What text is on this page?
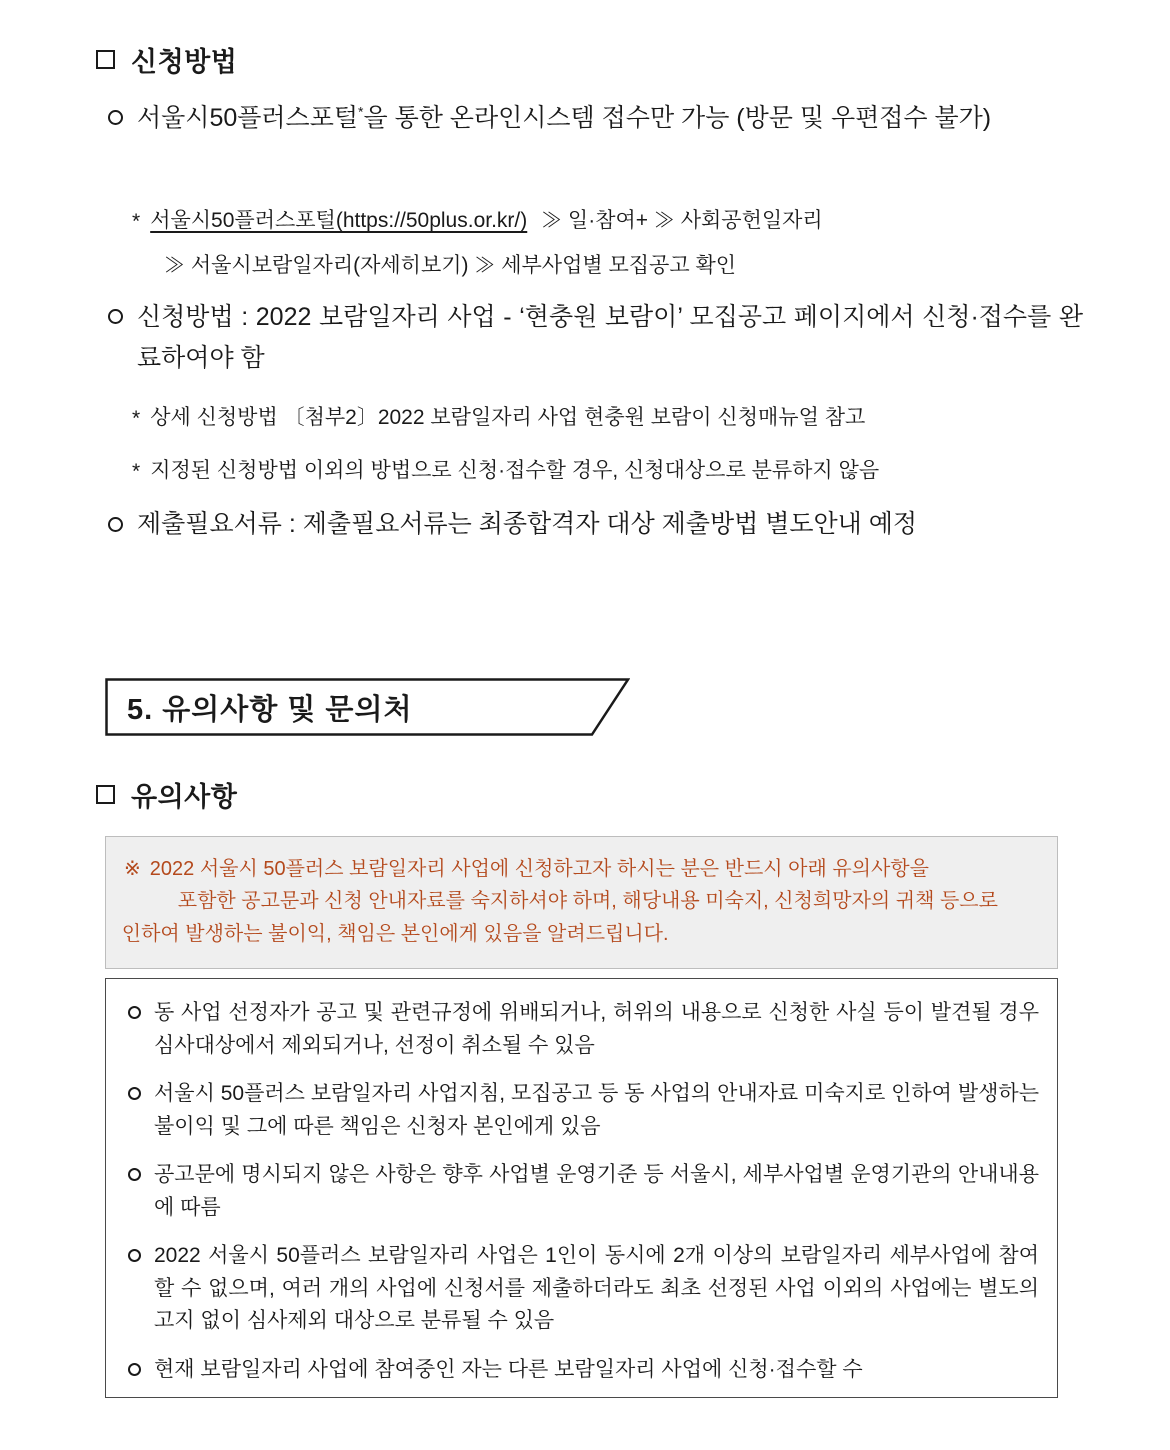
신청방법
서울시50플러스포털*을 통한 온라인시스템 접수만 가능 (방문 및 우편접수 불가)
* 서울시50플러스포털(https://50plus.or.kr/) ≫ 일·참여+ ≫ 사회공헌일자리
≫ 서울시보람일자리(자세히보기) ≫ 세부사업별 모집공고 확인
신청방법 : 2022 보람일자리 사업 - ‘현충원 보람이’ 모집공고 페이지에서 신청·접수를 완료하여야 함
* 상세 신청방법 〔첨부2〕2022 보람일자리 사업 현충원 보람이 신청매뉴얼 참고
* 지정된 신청방법 이외의 방법으로 신청·접수할 경우, 신청대상으로 분류하지 않음
제출필요서류 : 제출필요서류는 최종합격자 대상 제출방법 별도안내 예정
5. 유의사항 및 문의처
유의사항
※ 2022 서울시 50플러스 보람일자리 사업에 신청하고자 하시는 분은 반드시 아래 유의사항을
포함한 공고문과 신청 안내자료를 숙지하셔야 하며, 해당내용 미숙지, 신청희망자의 귀책 등으로
인하여 발생하는 불이익, 책임은 본인에게 있음을 알려드립니다.

동 사업 선정자가 공고 및 관련규정에 위배되거나, 허위의 내용으로 신청한 사실 등이 발견될 경우 심사대상에서 제외되거나, 선정이 취소될 수 있음

서울시 50플러스 보람일자리 사업지침, 모집공고 등 동 사업의 안내자료 미숙지로 인하여 발생하는 불이익 및 그에 따른 책임은 신청자 본인에게 있음

공고문에 명시되지 않은 사항은 향후 사업별 운영기준 등 서울시, 세부사업별 운영기관의 안내내용에 따름

2022 서울시 50플러스 보람일자리 사업은 1인이 동시에 2개 이상의 보람일자리 세부사업에 참여할 수 없으며, 여러 개의 사업에 신청서를 제출하더라도 최초 선정된 사업 이외의 사업에는 별도의 고지 없이 심사제외 대상으로 분류될 수 있음

현재 보람일자리 사업에 참여중인 자는 다른 보람일자리 사업에 신청·접수할 수
